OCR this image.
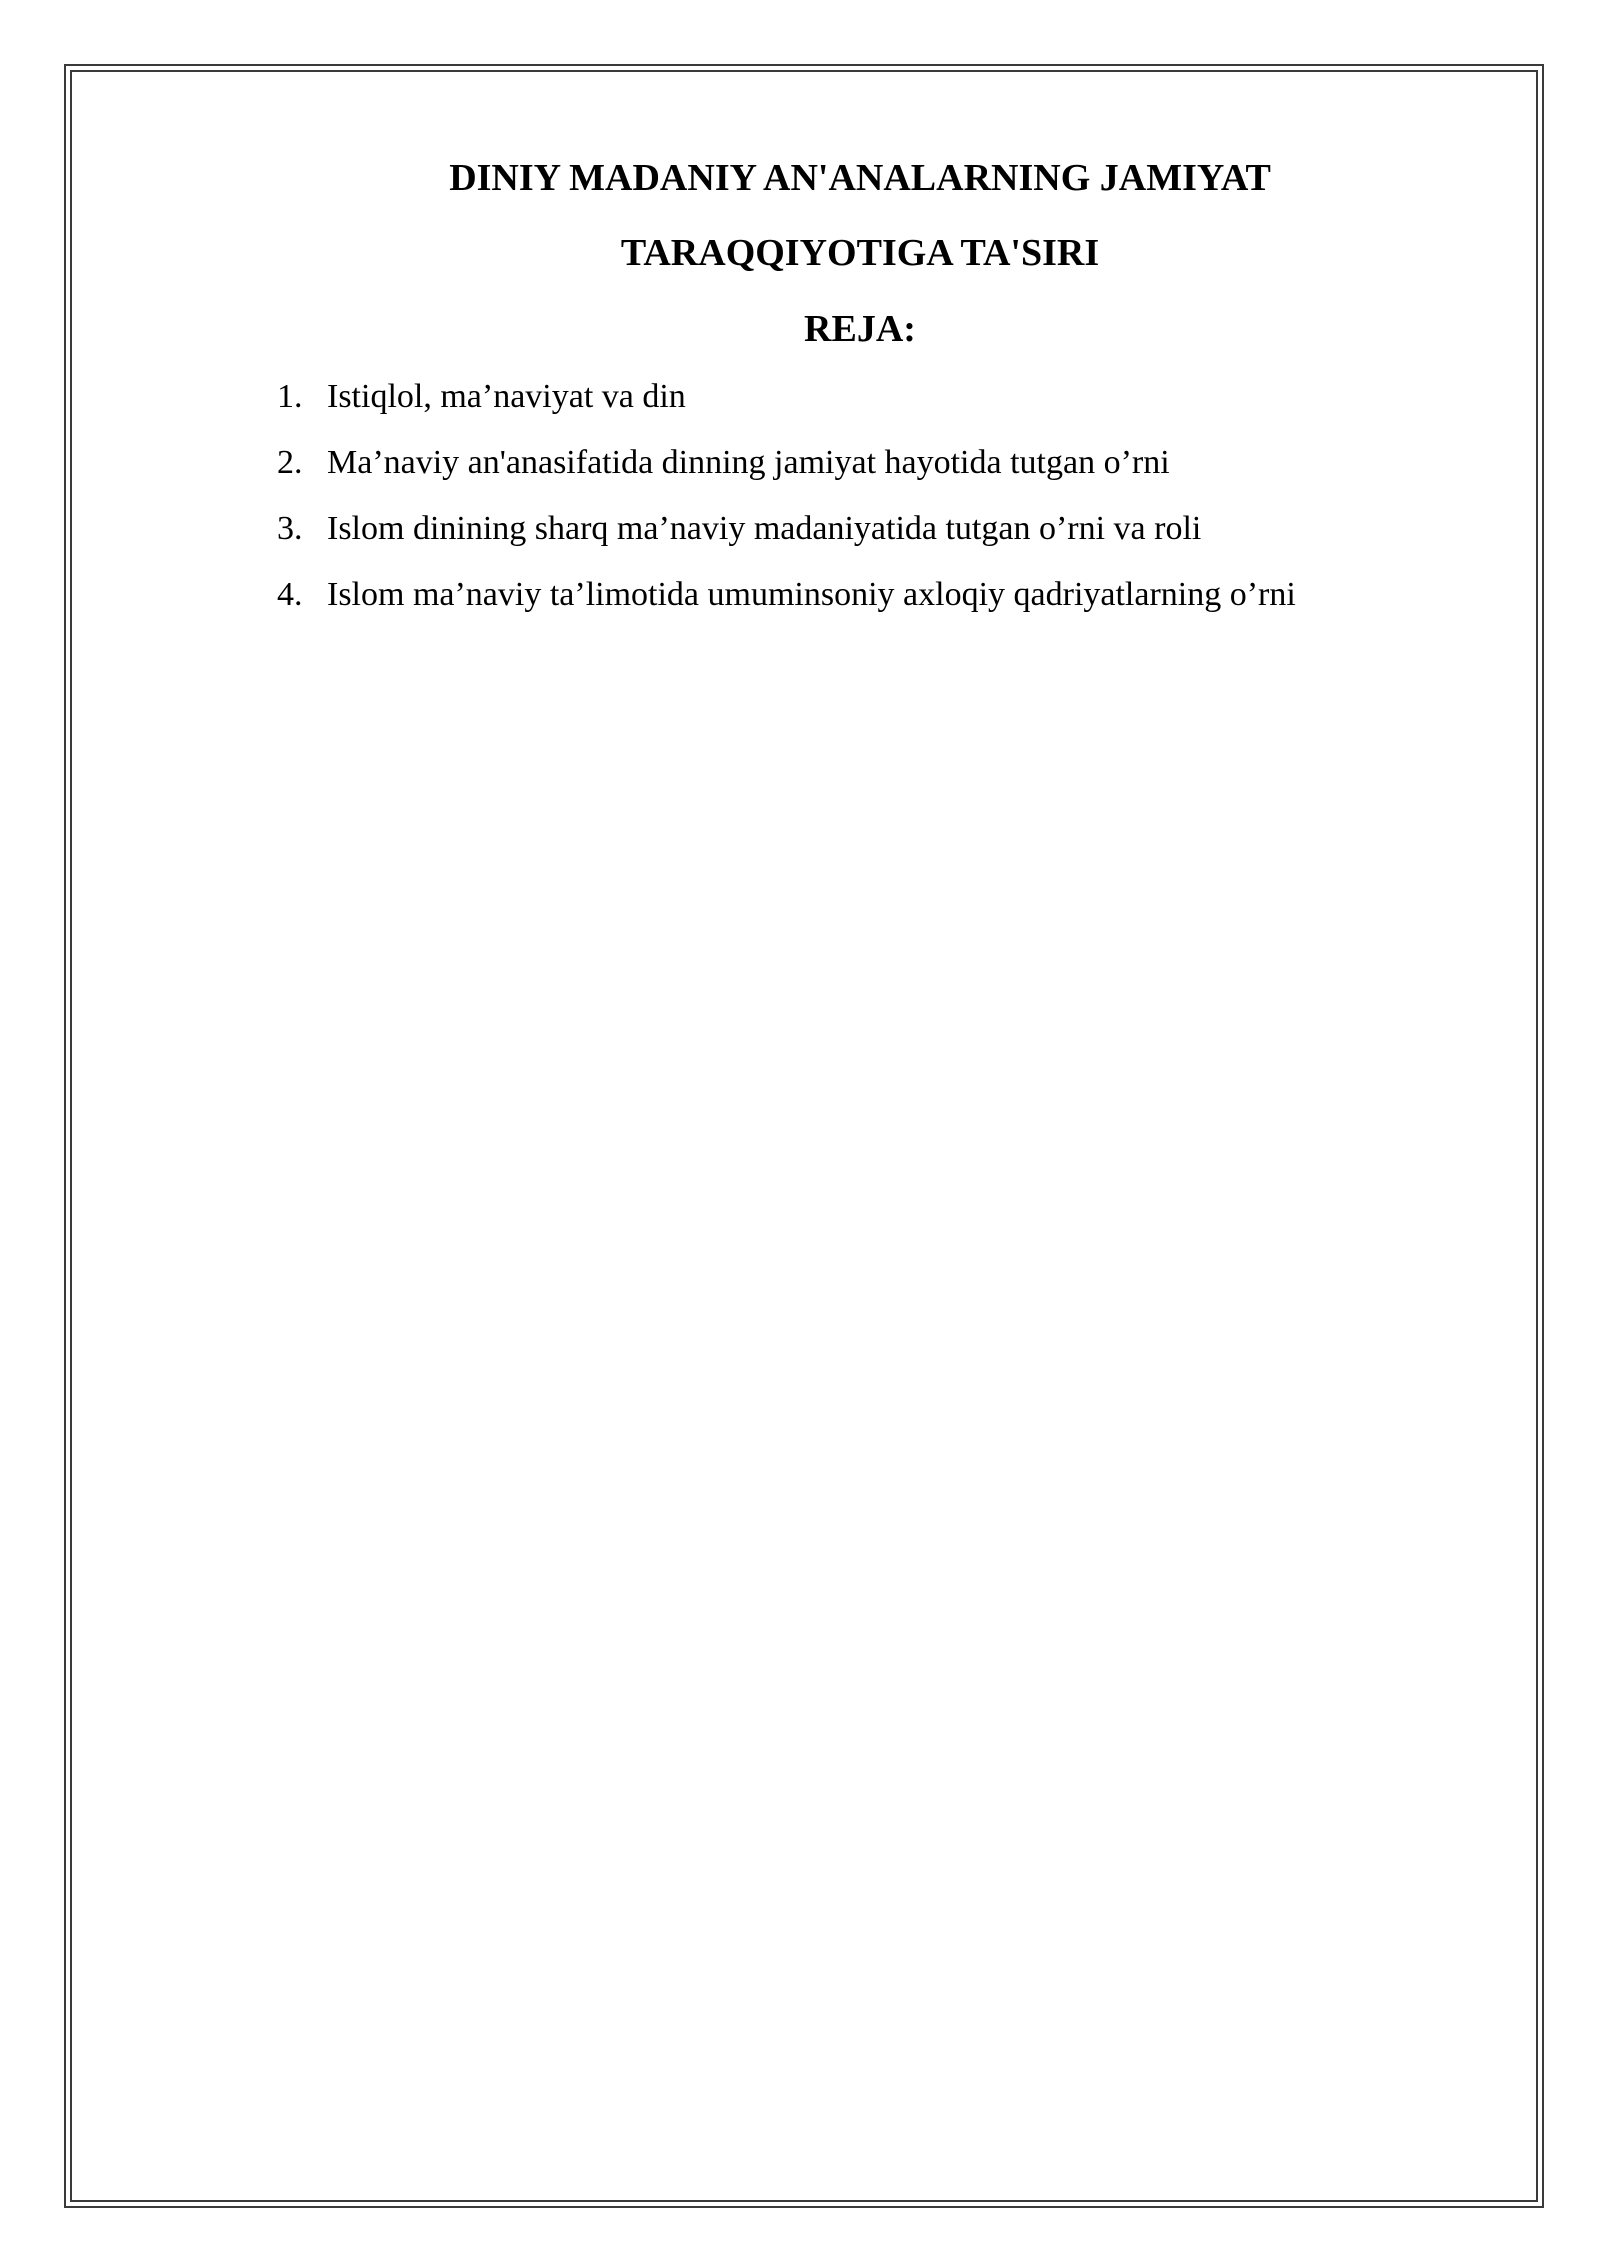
DINIY MADANIY AN'ANALARNING JAMIYAT
TARAQQIYOTIGA TA'SIRI
REJA:
1. Istiqlol, ma’naviyat va din
2. Ma’naviy an'anasifatida dinning jamiyat hayotida tutgan o’rni
3. Islom dinining sharq ma’naviy madaniyatida tutgan o’rni va roli
4. Islom ma’naviy ta’limotida umuminsoniy axloqiy qadriyatlarning o’rni
